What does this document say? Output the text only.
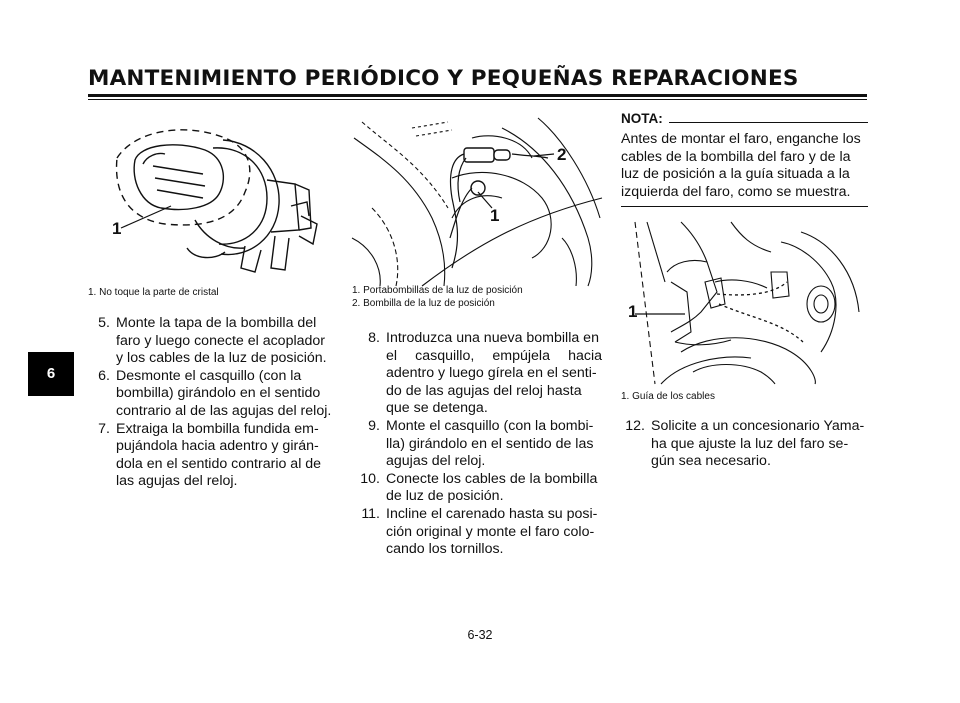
MANTENIMIENTO PERIÓDICO Y PEQUEÑAS REPARACIONES
6
1
1. No toque la parte de cristal
5. Monte la tapa de la bombilla del
faro y luego conecte el acoplador
y los cables de la luz de posición.
6. Desmonte el casquillo (con la
bombilla) girándolo en el sentido
contrario al de las agujas del reloj.
7. Extraiga la bombilla fundida em-
pujándola hacia adentro y girán-
dola en el sentido contrario al de
las agujas del reloj.
2
1
1. Portabombillas de la luz de posición
2. Bombilla de la luz de posición
8. Introduzca una nueva bombilla en
el casquillo, empújela hacia
adentro y luego gírela en el senti-
do de las agujas del reloj hasta
que se detenga.
9. Monte el casquillo (con la bombi-
lla) girándolo en el sentido de las
agujas del reloj.
10. Conecte los cables de la bombilla
de luz de posición.
11. Incline el carenado hasta su posi-
ción original y monte el faro colo-
cando los tornillos.
NOTA:
Antes de montar el faro, enganche los
cables de la bombilla del faro y de la
luz de posición a la guía situada a la
izquierda del faro, como se muestra.
1
1. Guía de los cables
12. Solicite a un concesionario Yama-
ha que ajuste la luz del faro se-
gún sea necesario.
6-32
